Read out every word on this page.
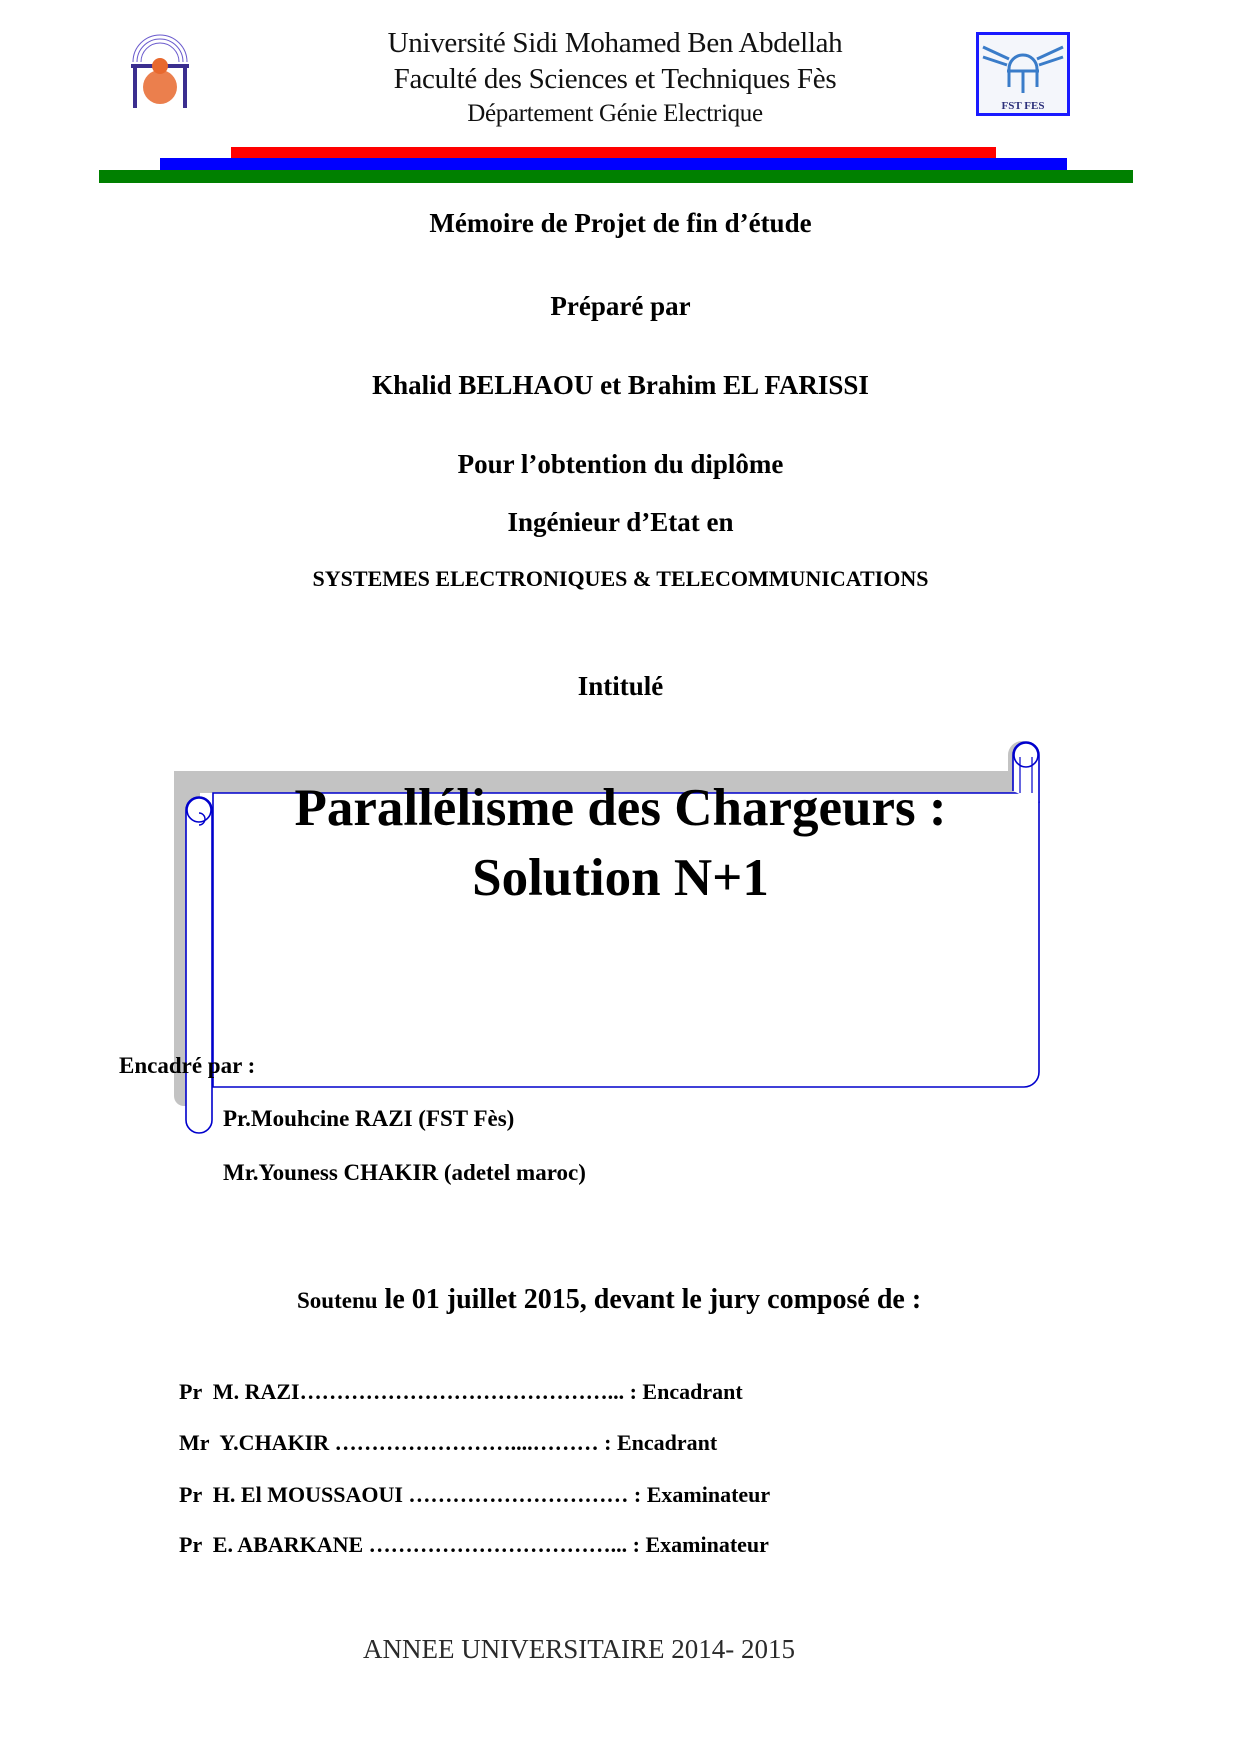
Université Sidi Mohamed Ben Abdellah
Faculté des Sciences et Techniques Fès
Département Génie Electrique	FST FES
Mémoire de Projet de fin d’étude
Préparé par
Khalid BELHAOU et Brahim EL FARISSI
Pour l’obtention du diplôme
Ingénieur d’Etat en
SYSTEMES ELECTRONIQUES & TELECOMMUNICATIONS
Intitulé
Parallélisme des Chargeurs :
Solution N+1
Encadré par :
Pr.Mouhcine RAZI (FST Fès)
Mr.Youness CHAKIR (adetel maroc)

Soutenu le 01 juillet 2015, devant le jury composé de :

Pr  M. RAZI……………………………………... : Encadrant
Mr  Y.CHAKIR ……………………....……… : Encadrant
Pr  H. El MOUSSAOUI ………………………… : Examinateur
Pr  E. ABARKANE ……………………………... : Examinateur
ANNEE UNIVERSITAIRE 2014- 2015
